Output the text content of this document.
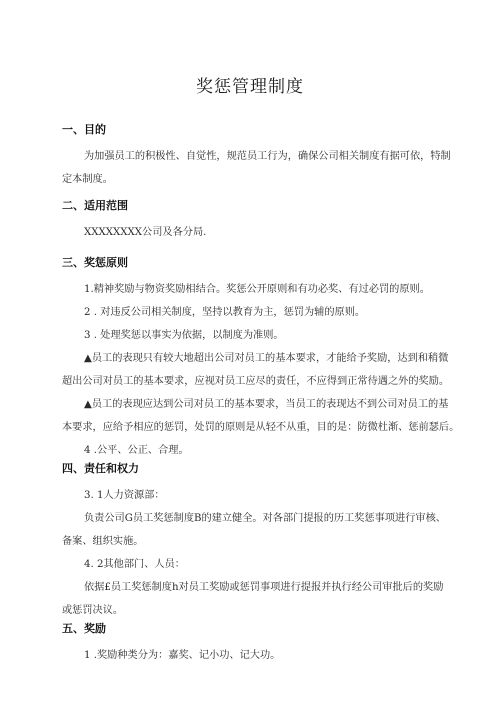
奖惩管理制度
一、目的
为加强员工的积极性、自觉性，规范员工行为，确保公司相关制度有据可依，特制
定本制度。
二、适用范围
XXXXXXXX公司及各分局.
三、奖惩原则
1.精神奖励与物资奖励相结合。奖惩公开原则和有功必奖、有过必罚的原则。
2 . 对违反公司相关制度，坚持以教育为主，惩罚为辅的原则。
3 . 处理奖惩以事实为依据，以制度为准则。
▲员工的表现只有较大地超出公司对员工的基本要求，才能给予奖励，达到和稍微
超出公司对员工的基本要求，应视对员工应尽的责任，不应得到正常待遇之外的奖励。
▲员工的表现应达到公司对员工的基本要求，当员工的表现达不到公司对员工的基
本要求，应给予相应的惩罚，处罚的原则是从轻不从重，目的是：防微杜渐、惩前瑟后。
4 .公平、公正、合理。
四、责任和权力
3. 1人力资源部：
负责公司G员工奖惩制度B的建立健全。对各部门提报的历工奖惩事项进行审核、
备案、组织实施。
4. 2其他部门、人员：
依据£员工奖惩制度h对员工奖励或惩罚事项进行提报并执行经公司审批后的奖励
或惩罚决议。
五、奖励
1 .奖励种类分为：嘉奖、记小功、记大功。
